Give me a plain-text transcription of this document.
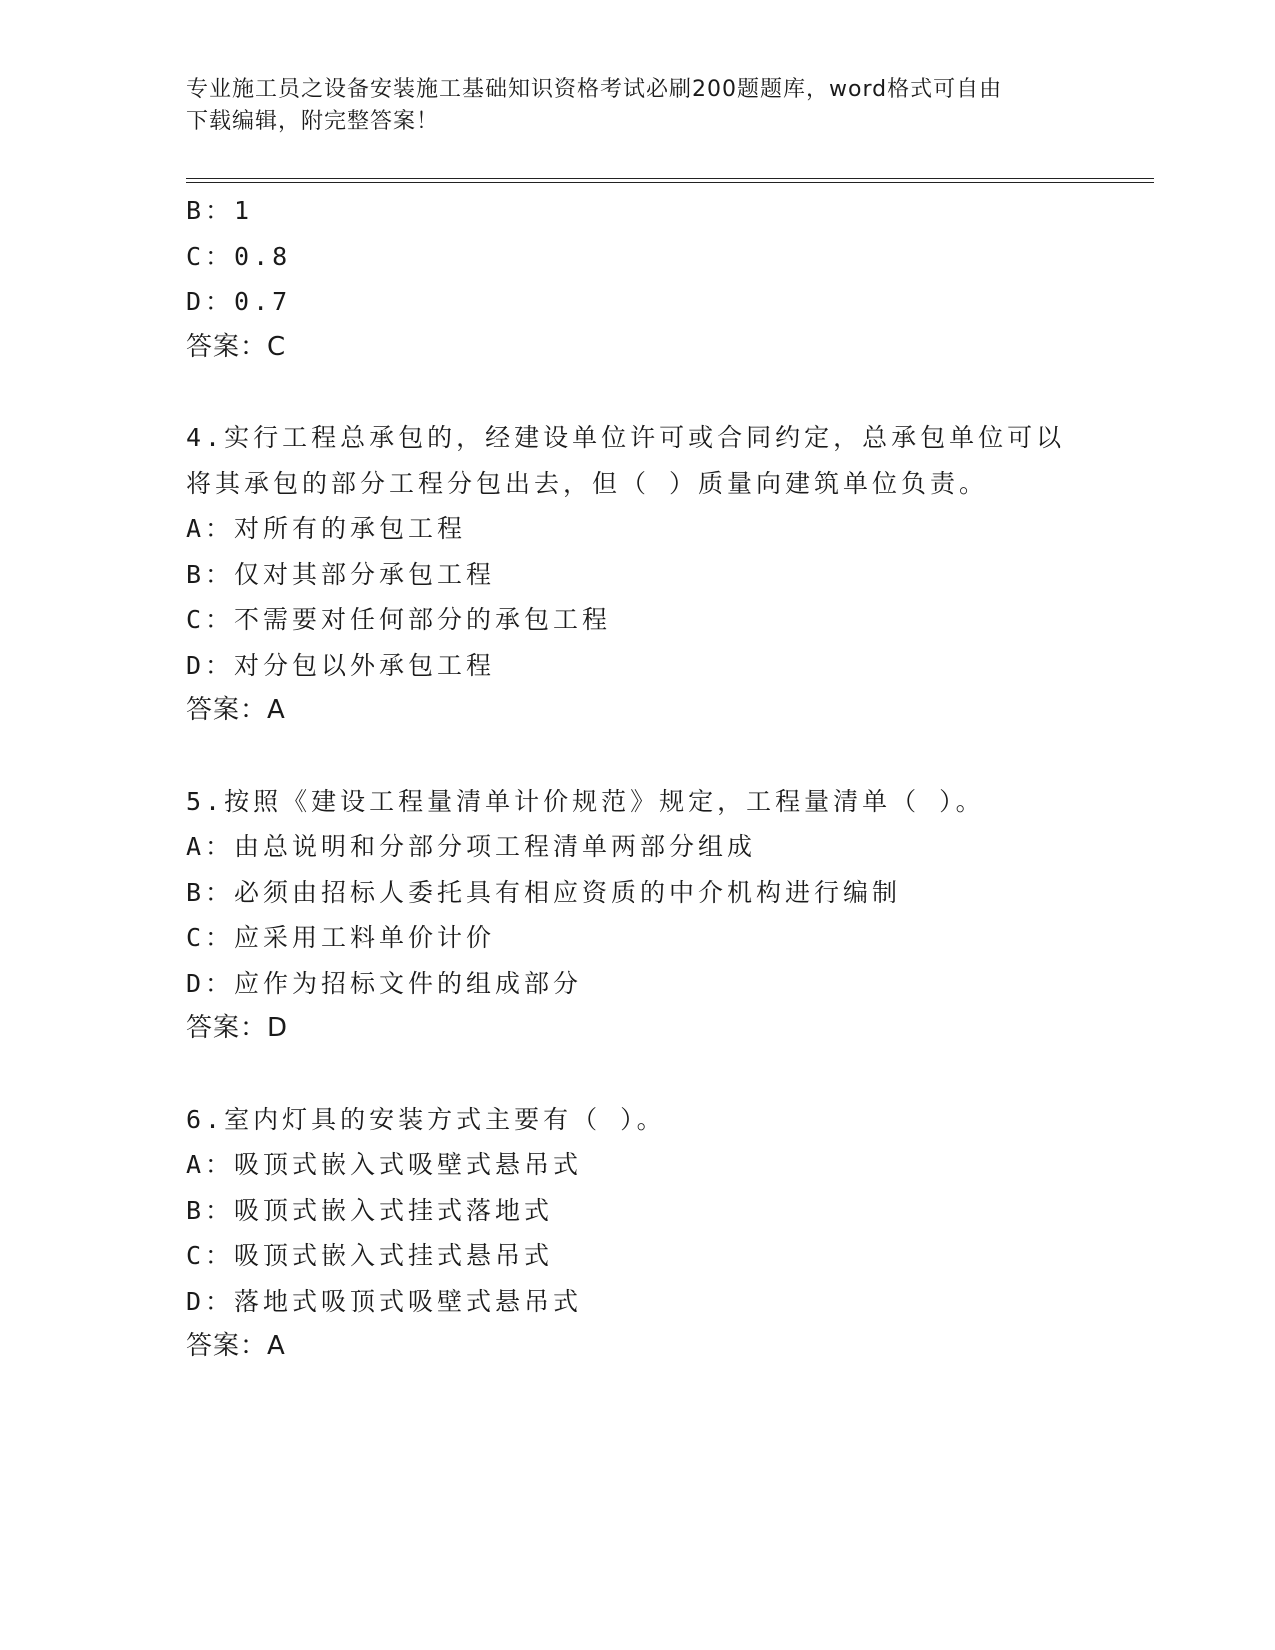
专业施工员之设备安装施工基础知识资格考试必刷200题题库，word格式可自由
下载编辑，附完整答案！
B：1
C：0.8
D：0.7
答案：C
4.实行工程总承包的，经建设单位许可或合同约定，总承包单位可以
将其承包的部分工程分包出去，但（ ）质量向建筑单位负责。
A：对所有的承包工程
B：仅对其部分承包工程
C：不需要对任何部分的承包工程
D：对分包以外承包工程
答案：A
5.按照《建设工程量清单计价规范》规定，工程量清单（ ）。
A：由总说明和分部分项工程清单两部分组成
B：必须由招标人委托具有相应资质的中介机构进行编制
C：应采用工料单价计价
D：应作为招标文件的组成部分
答案：D
6.室内灯具的安装方式主要有（ ）。
A：吸顶式嵌入式吸壁式悬吊式
B：吸顶式嵌入式挂式落地式
C：吸顶式嵌入式挂式悬吊式
D：落地式吸顶式吸壁式悬吊式
答案：A
